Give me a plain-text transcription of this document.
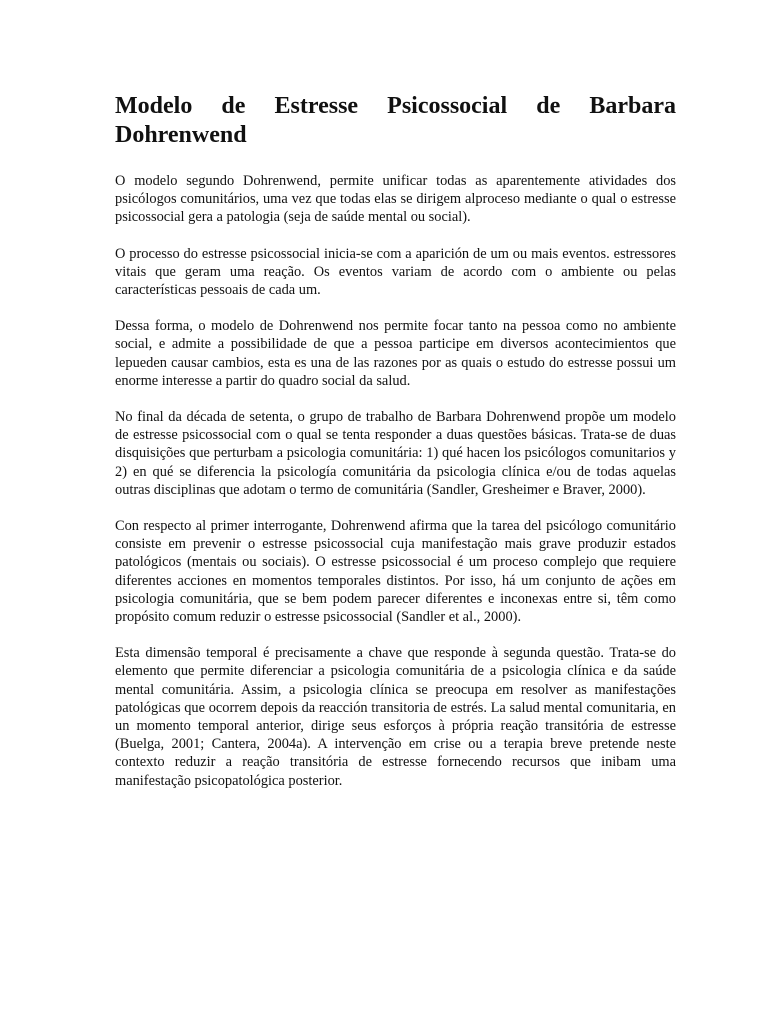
Modelo de Estresse Psicossocial de Barbara Dohrenwend

O modelo segundo Dohrenwend, permite unificar todas as aparentemente atividades dos psicólogos comunitários, uma vez que todas elas se dirigem alproceso mediante o qual o estresse psicossocial gera a patologia (seja de saúde mental ou social).

O processo do estresse psicossocial inicia-se com a aparición de um ou mais eventos. estressores vitais que geram uma reação. Os eventos variam de acordo com o ambiente ou pelas características pessoais de cada um.

Dessa forma, o modelo de Dohrenwend nos permite focar tanto na pessoa como no ambiente social, e admite a possibilidade de que a pessoa participe em diversos acontecimientos que lepueden causar cambios, esta es una de las razones por as quais o estudo do estresse possui um enorme interesse a partir do quadro social da salud.

No final da década de setenta, o grupo de trabalho de Barbara Dohrenwend propõe um modelo de estresse psicossocial com o qual se tenta responder a duas questões básicas. Trata-se de duas disquisições que perturbam a psicologia comunitária: 1) qué hacen los psicólogos comunitarios y 2) en qué se diferencia la psicología comunitária da psicologia clínica e/ou de todas aquelas outras disciplinas que adotam o termo de comunitária (Sandler, Gresheimer e Braver, 2000).

Con respecto al primer interrogante, Dohrenwend afirma que la tarea del psicólogo comunitário consiste em prevenir o estresse psicossocial cuja manifestação mais grave produzir estados patológicos (mentais ou sociais). O estresse psicossocial é um proceso complejo que requiere diferentes acciones en momentos temporales distintos. Por isso, há um conjunto de ações em psicologia comunitária, que se bem podem parecer diferentes e inconexas entre si, têm como propósito comum reduzir o estresse psicossocial (Sandler et al., 2000).

Esta dimensão temporal é precisamente a chave que responde à segunda questão. Trata-se do elemento que permite diferenciar a psicologia comunitária de a psicologia clínica e da saúde mental comunitária. Assim, a psicologia clínica se preocupa em resolver as manifestações patológicas que ocorrem depois da reacción transitoria de estrés. La salud mental comunitaria, en un momento temporal anterior, dirige seus esforços à própria reação transitória de estresse (Buelga, 2001; Cantera, 2004a). A intervenção em crise ou a terapia breve pretende neste contexto reduzir a reação transitória de estresse fornecendo recursos que inibam uma manifestação psicopatológica posterior.
